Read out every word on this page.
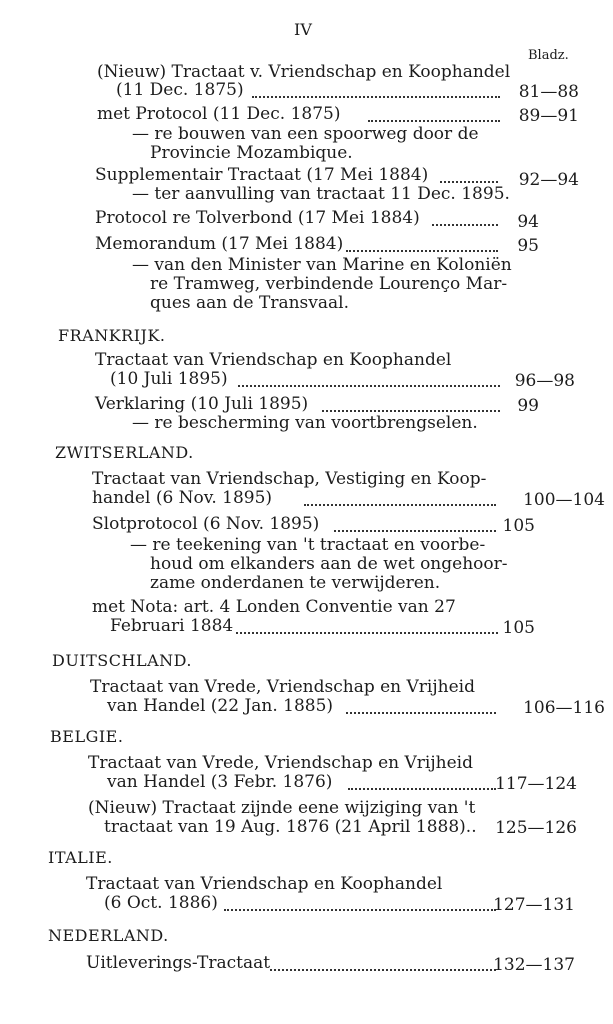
IV
Bladz.
(Nieuw) Tractaat v. Vriendschap en Koophandel
(11 Dec. 1875)	81—88
met Protocol (11 Dec. 1875)	89—91
— re bouwen van een spoorweg door de
Provincie Mozambique.
Supplementair Tractaat (17 Mei 1884)	92—94
— ter aanvulling van tractaat 11 Dec. 1895.
Protocol re Tolverbond (17 Mei 1884)	94
Memorandum (17 Mei 1884)	95
— van den Minister van Marine en Koloniën
re Tramweg, verbindende Lourenço Mar-
ques aan de Transvaal.
FRANKRIJK.
Tractaat van Vriendschap en Koophandel
(10 Juli 1895)	96—98
Verklaring (10 Juli 1895)	99
— re bescherming van voortbrengselen.
ZWITSERLAND.
Tractaat van Vriendschap, Vestiging en Koop-
handel (6 Nov. 1895)	100—104
Slotprotocol (6 Nov. 1895)	105
— re teekening van 't tractaat en voorbe-
houd om elkanders aan de wet ongehoor-
zame onderdanen te verwijderen.
met Nota: art. 4 Londen Conventie van 27
Februari 1884	105
DUITSCHLAND.
Tractaat van Vrede, Vriendschap en Vrijheid
van Handel (22 Jan. 1885)	106—116
BELGIE.
Tractaat van Vrede, Vriendschap en Vrijheid
van Handel (3 Febr. 1876)	117—124
(Nieuw) Tractaat zijnde eene wijziging van 't
tractaat van 19 Aug. 1876 (21 April 1888).. 125—126
ITALIE.
Tractaat van Vriendschap en Koophandel
(6 Oct. 1886)	127—131
NEDERLAND.
Uitleverings-Tractaat	132—137
